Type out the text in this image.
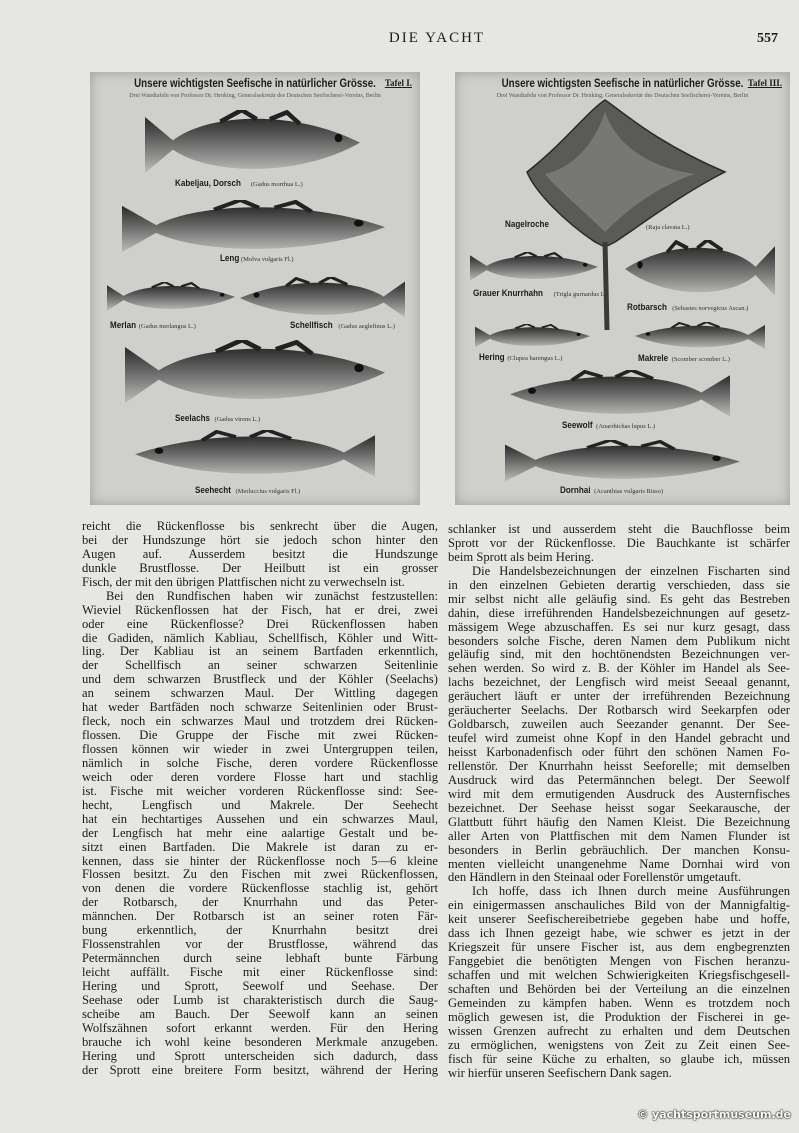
DIE YACHT	557
Unsere wichtigsten Seefische in natürlicher Grösse. Tafel I.
Drei Wandtafeln von Professor Dr. Henking, Generalsekretär des Deutschen Seefischerei-Vereins, Berlin
Kabeljau, Dorsch (Gadus morrhua L.)
Leng (Molva vulgaris Fl.)
Merlan (Gadus merlangus L.)	Schellfisch (Gadus aeglefinus L.)
Seelachs (Gadus virens L.)
Seehecht (Merluccius vulgaris Fl.)
Unsere wichtigsten Seefische in natürlicher Grösse. Tafel III.
Drei Wandtafeln von Professor Dr. Henking, Generalsekretär des Deutschen Seefischerei-Vereins, Berlin
Nagelroche	(Raja clavata L.)
Grauer Knurrhahn (Trigla gurnardus L.)
Rotbarsch (Sebastes norvegicus Ascan.)
Hering (Clupea harengus L.)	Makrele (Scomber scomber L.)
Seewolf (Anarrhichas lupus L.)
Dornhai (Acanthias vulgaris Risso)
reicht die Rückenflosse bis senkrecht über die Augen,
bei der Hundszunge hört sie jedoch schon hinter den
Augen auf. Ausserdem besitzt die Hundszunge
dunkle Brustflosse. Der Heilbutt ist ein grosser
Fisch, der mit den übrigen Plattfischen nicht zu verwechseln ist.
Bei den Rundfischen haben wir zunächst festzustellen:
Wieviel Rückenflossen hat der Fisch, hat er drei, zwei
oder eine Rückenflosse? Drei Rückenflossen haben
die Gadiden, nämlich Kabliau, Schellfisch, Köhler und Witt-
ling. Der Kabliau ist an seinem Bartfaden erkenntlich,
der Schellfisch an seiner schwarzen Seitenlinie
und dem schwarzen Brustfleck und der Köhler (Seelachs)
an seinem schwarzen Maul. Der Wittling dagegen
hat weder Bartfäden noch schwarze Seitenlinien oder Brust-
fleck, noch ein schwarzes Maul und trotzdem drei Rücken-
flossen. Die Gruppe der Fische mit zwei Rücken-
flossen können wir wieder in zwei Untergruppen teilen,
nämlich in solche Fische, deren vordere Rückenflosse
weich oder deren vordere Flosse hart und stachlig
ist. Fische mit weicher vorderen Rückenflosse sind: See-
hecht, Lengfisch und Makrele. Der Seehecht
hat ein hechtartiges Aussehen und ein schwarzes Maul,
der Lengfisch hat mehr eine aalartige Gestalt und be-
sitzt einen Bartfaden. Die Makrele ist daran zu er-
kennen, dass sie hinter der Rückenflosse noch 5—6 kleine
Flossen besitzt. Zu den Fischen mit zwei Rückenflossen,
von denen die vordere Rückenflosse stachlig ist, gehört
der Rotbarsch, der Knurrhahn und das Peter-
männchen. Der Rotbarsch ist an seiner roten Fär-
bung erkenntlich, der Knurrhahn besitzt drei
Flossenstrahlen vor der Brustflosse, während das
Petermännchen durch seine lebhaft bunte Färbung
leicht auffällt. Fische mit einer Rückenflosse sind:
Hering und Sprott, Seewolf und Seehase. Der
Seehase oder Lumb ist charakteristisch durch die Saug-
scheibe am Bauch. Der Seewolf kann an seinen
Wolfszähnen sofort erkannt werden. Für den Hering
brauche ich wohl keine besonderen Merkmale anzugeben.
Hering und Sprott unterscheiden sich dadurch, dass
der Sprott eine breitere Form besitzt, während der Hering
schlanker ist und ausserdem steht die Bauchflosse beim
Sprott vor der Rückenflosse. Die Bauchkante ist schärfer
beim Sprott als beim Hering.
Die Handelsbezeichnungen der einzelnen Fischarten sind
in den einzelnen Gebieten derartig verschieden, dass sie
mir selbst nicht alle geläufig sind. Es geht das Bestreben
dahin, diese irreführenden Handelsbezeichnungen auf gesetz-
mässigem Wege abzuschaffen. Es sei nur kurz gesagt, dass
besonders solche Fische, deren Namen dem Publikum nicht
geläufig sind, mit den hochtönendsten Bezeichnungen ver-
sehen werden. So wird z. B. der Köhler im Handel als See-
lachs bezeichnet, der Lengfisch wird meist Seeaal genannt,
geräuchert läuft er unter der irreführenden Bezeichnung
geräucherter Seelachs. Der Rotbarsch wird Seekarpfen oder
Goldbarsch, zuweilen auch Seezander genannt. Der See-
teufel wird zumeist ohne Kopf in den Handel gebracht und
heisst Karbonadenfisch oder führt den schönen Namen Fo-
rellenstör. Der Knurrhahn heisst Seeforelle; mit demselben
Ausdruck wird das Petermännchen belegt. Der Seewolf
wird mit dem ermutigenden Ausdruck des Austernfisches
bezeichnet. Der Seehase heisst sogar Seekarausche, der
Glattbutt führt häufig den Namen Kleist. Die Bezeichnung
aller Arten von Plattfischen mit dem Namen Flunder ist
besonders in Berlin gebräuchlich. Der manchen Konsu-
menten vielleicht unangenehme Name Dornhai wird von
den Händlern in den Steinaal oder Forellenstör umgetauft.
Ich hoffe, dass ich Ihnen durch meine Ausführungen
ein einigermassen anschauliches Bild von der Mannigfaltig-
keit unserer Seefischereibetriebe gegeben habe und hoffe,
dass ich Ihnen gezeigt habe, wie schwer es jetzt in der
Kriegszeit für unsere Fischer ist, aus dem engbegrenzten
Fanggebiet die benötigten Mengen von Fischen heranzu-
schaffen und mit welchen Schwierigkeiten Kriegsfischgesell-
schaften und Behörden bei der Verteilung an die einzelnen
Gemeinden zu kämpfen haben. Wenn es trotzdem noch
möglich gewesen ist, die Produktion der Fischerei in ge-
wissen Grenzen aufrecht zu erhalten und dem Deutschen
zu ermöglichen, wenigstens von Zeit zu Zeit einen See-
fisch für seine Küche zu erhalten, so glaube ich, müssen
wir hierfür unseren Seefischern Dank sagen.
© yachtsportmuseum.de
